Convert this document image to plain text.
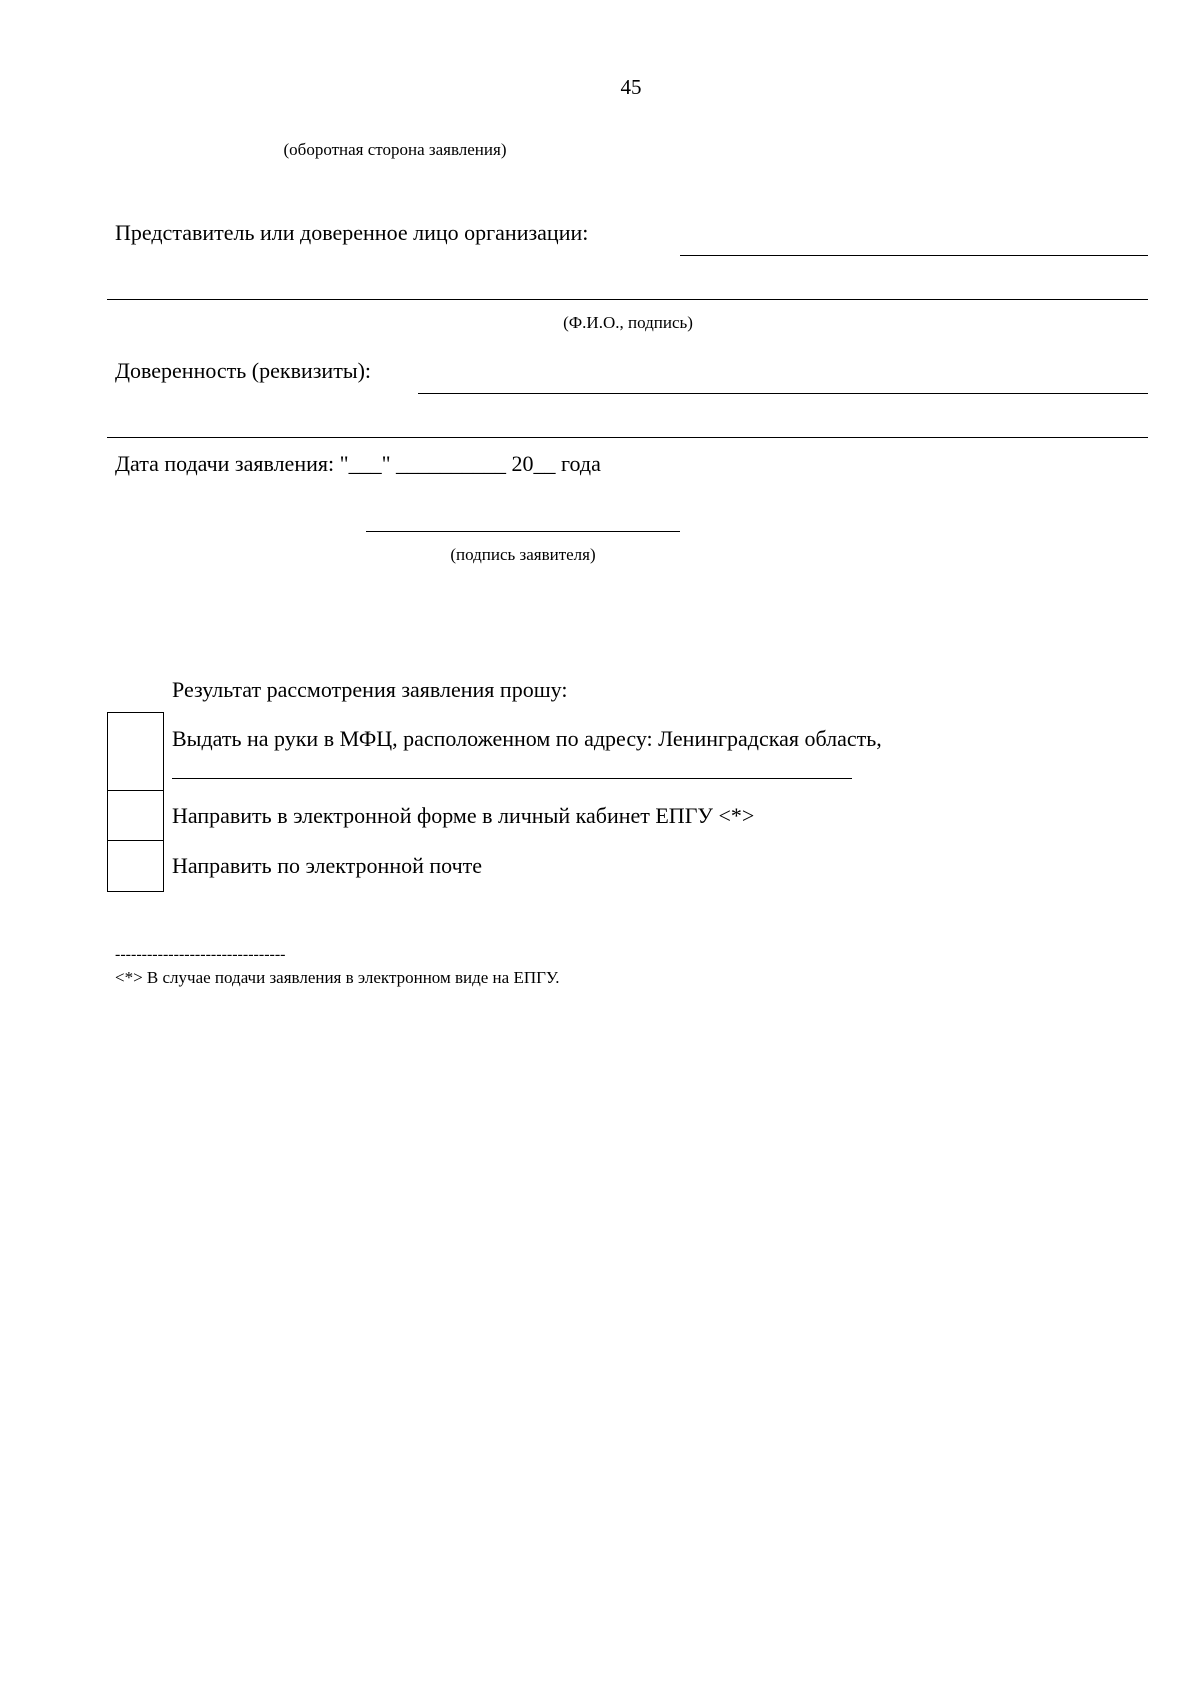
45
(оборотная сторона заявления)
Представитель или доверенное лицо организации:
(Ф.И.О., подпись)
Доверенность (реквизиты):
Дата подачи заявления: "___" __________ 20__ года
(подпись заявителя)
Результат рассмотрения заявления прошу:
Выдать на руки в МФЦ, расположенном по адресу: Ленинградская область,
Направить в электронной форме в личный кабинет ЕПГУ <*>
Направить по электронной почте
--------------------------------
<*> В случае подачи заявления в электронном виде на ЕПГУ.
